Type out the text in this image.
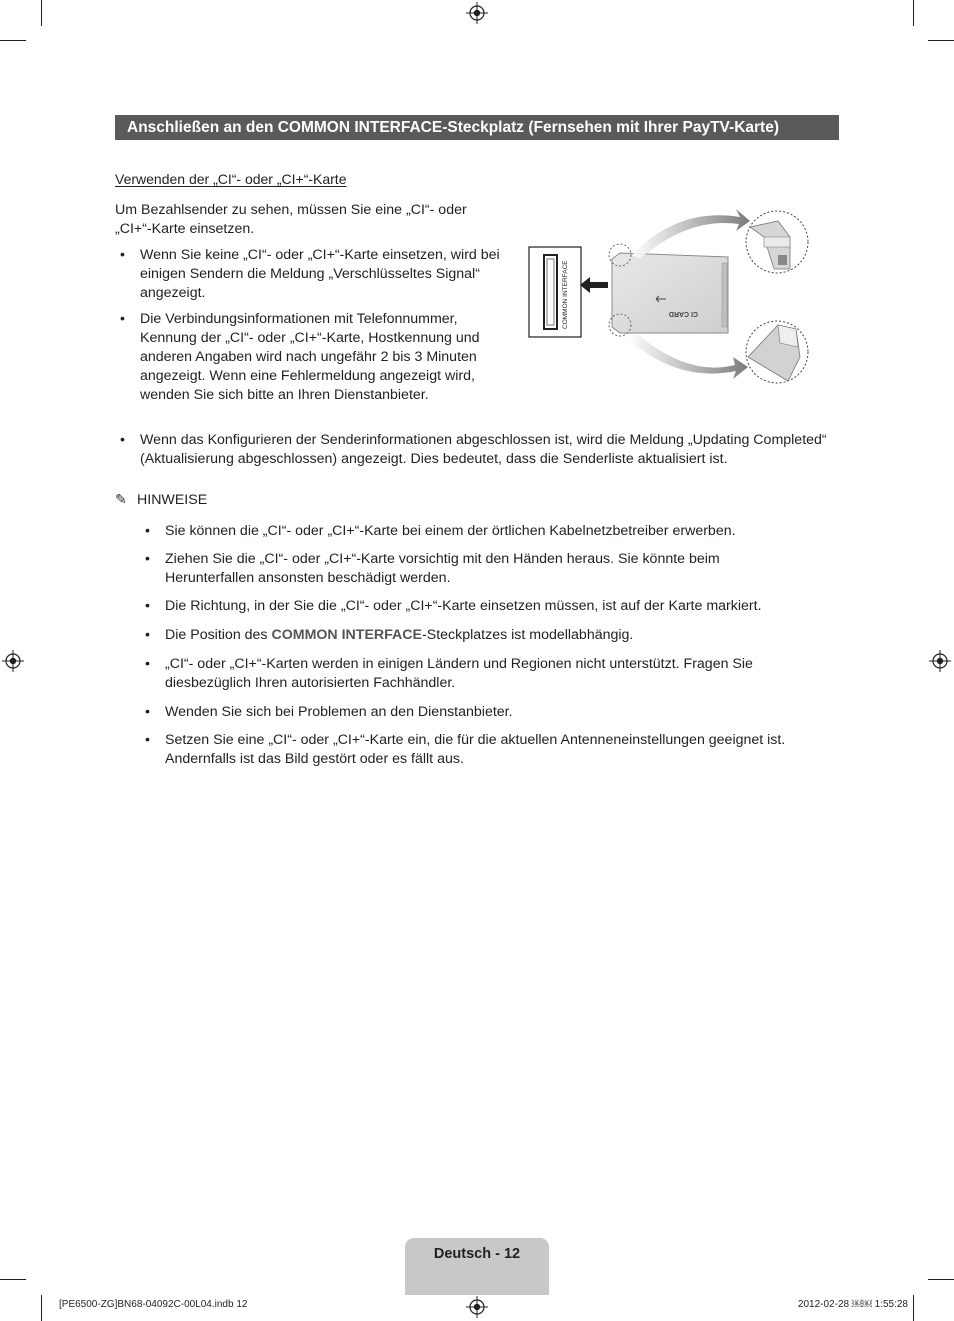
Anschließen an den COMMON INTERFACE-Steckplatz (Fernsehen mit Ihrer PayTV-Karte)
Verwenden der „CI“- oder „CI+“-Karte
Um Bezahlsender zu sehen, müssen Sie eine „CI“- oder „CI+“-Karte einsetzen.
• Wenn Sie keine „CI“- oder „CI+“-Karte einsetzen, wird bei einigen Sendern die Meldung „Verschlüsseltes Signal“ angezeigt.
• Die Verbindungsinformationen mit Telefonnummer, Kennung der „CI“- oder „CI+“-Karte, Hostkennung und anderen Angaben wird nach ungefähr 2 bis 3 Minuten angezeigt. Wenn eine Fehlermeldung angezeigt wird, wenden Sie sich bitte an Ihren Dienstanbieter.
• Wenn das Konfigurieren der Senderinformationen abgeschlossen ist, wird die Meldung „Updating Completed“ (Aktualisierung abgeschlossen) angezeigt. Dies bedeutet, dass die Senderliste aktualisiert ist.
COMMON INTERFACE	CI CARD
✎ HINWEISE
• Sie können die „CI“- oder „CI+“-Karte bei einem der örtlichen Kabelnetzbetreiber erwerben.
• Ziehen Sie die „CI“- oder „CI+“-Karte vorsichtig mit den Händen heraus. Sie könnte beim Herunterfallen ansonsten beschädigt werden.
• Die Richtung, in der Sie die „CI“- oder „CI+“-Karte einsetzen müssen, ist auf der Karte markiert.
• Die Position des COMMON INTERFACE-Steckplatzes ist modellabhängig.
• „CI“- oder „CI+“-Karten werden in einigen Ländern und Regionen nicht unterstützt. Fragen Sie diesbezüglich Ihren autorisierten Fachhändler.
• Wenden Sie sich bei Problemen an den Dienstanbieter.
• Setzen Sie eine „CI“- oder „CI+“-Karte ein, die für die aktuellen Antenneneinstellungen geeignet ist. Andernfalls ist das Bild gestört oder es fällt aus.
Deutsch - 12
[PE6500-ZG]BN68-04092C-00L04.indb 12	2012-02-28 ￼￼ 1:55:28
